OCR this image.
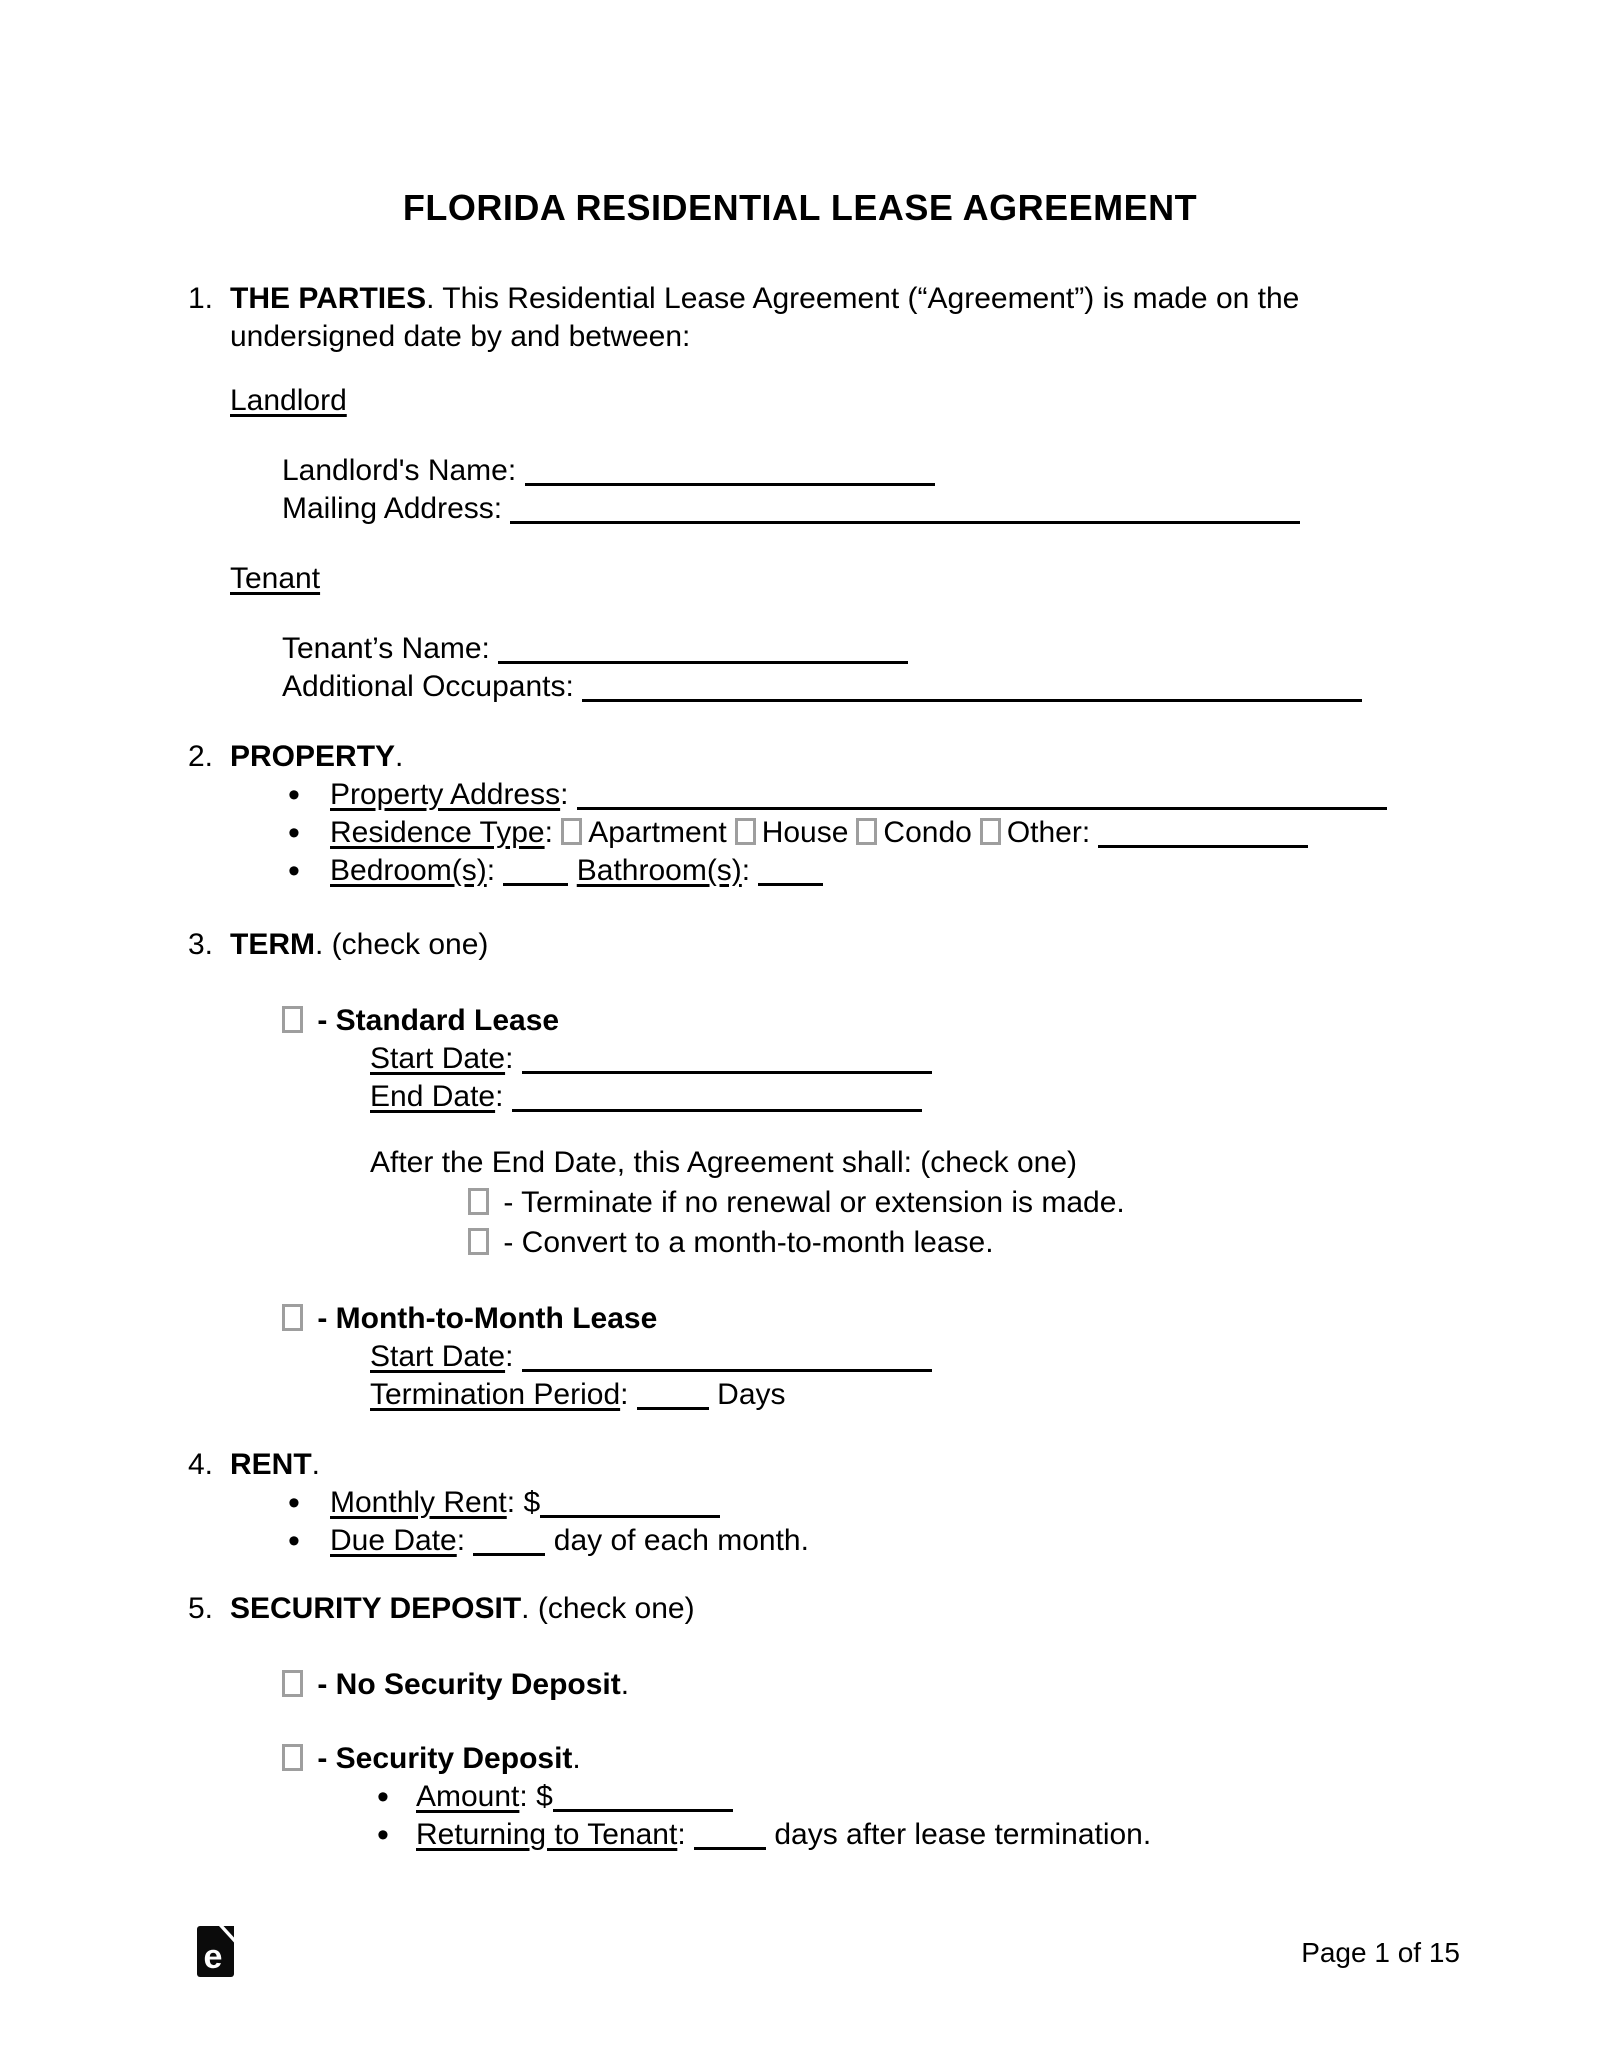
FLORIDA RESIDENTIAL LEASE AGREEMENT
1. THE PARTIES. This Residential Lease Agreement (“Agreement”) is made on the undersigned date by and between:
Landlord
Landlord's Name:
Mailing Address:
Tenant
Tenant’s Name:
Additional Occupants:
2. PROPERTY.
•	Property Address:
•	Residence Type: Apartment House Condo Other:
•	Bedroom(s):	Bathroom(s):
3. TERM. (check one)
- Standard Lease
Start Date:
End Date:
After the End Date, this Agreement shall: (check one)
- Terminate if no renewal or extension is made.
- Convert to a month-to-month lease.
- Month-to-Month Lease
Start Date:
Termination Period:	Days
4. RENT.
•	Monthly Rent: $
•	Due Date:	day of each month.
5. SECURITY DEPOSIT. (check one)
- No Security Deposit.
- Security Deposit.
• Amount: $
• Returning to Tenant:	days after lease termination.
e	Page 1 of 15
